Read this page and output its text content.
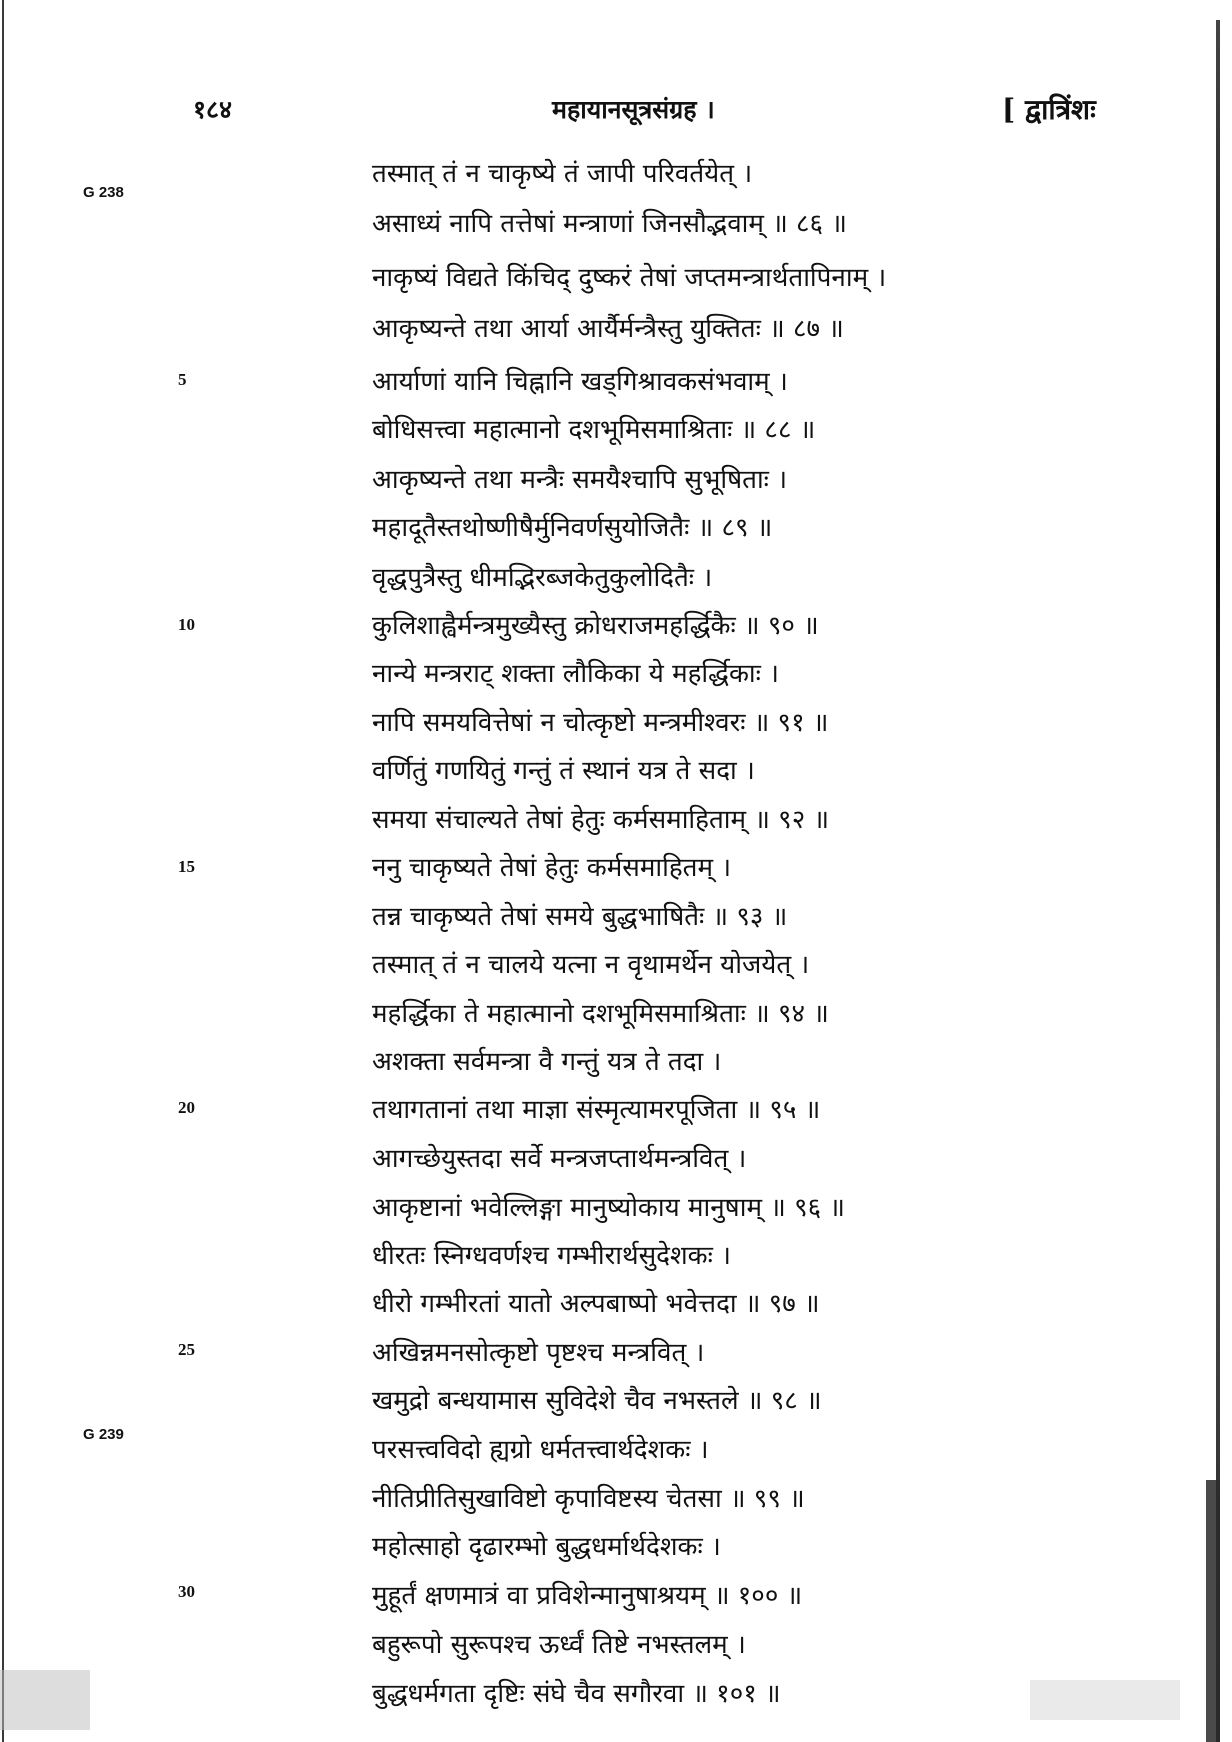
१८४	महायानसूत्रसंग्रह ।	[ द्वात्रिंशः
G 238
G 239
5
10
15
20
25
30
तस्मात् तं न चाकृष्ये तं जापी परिवर्तयेत् ।
असाध्यं नापि तत्तेषां मन्त्राणां जिनसौद्भवाम् ॥ ८६ ॥
नाकृष्यं विद्यते किंचिद् दुष्करं तेषां जप्तमन्त्रार्थतापिनाम् ।
आकृष्यन्ते तथा आर्या आर्यैर्मन्त्रैस्तु युक्तितः ॥ ८७ ॥
आर्याणां यानि चिह्नानि खड्गिश्रावकसंभवाम् ।
बोधिसत्त्वा महात्मानो दशभूमिसमाश्रिताः ॥ ८८ ॥
आकृष्यन्ते तथा मन्त्रैः समयैश्चापि सुभूषिताः ।
महादूतैस्तथोष्णीषैर्मुनिवर्णसुयोजितैः ॥ ८९ ॥
वृद्धपुत्रैस्तु धीमद्भिरब्जकेतुकुलोदितैः ।
कुलिशाह्वैर्मन्त्रमुख्यैस्तु क्रोधराजमहर्द्धिकैः ॥ ९० ॥
नान्ये मन्त्रराट् शक्ता लौकिका ये महर्द्धिकाः ।
नापि समयवित्तेषां न चोत्कृष्टो मन्त्रमीश्वरः ॥ ९१ ॥
वर्णितुं गणयितुं गन्तुं तं स्थानं यत्र ते सदा ।
समया संचाल्यते तेषां हेतुः कर्मसमाहिताम् ॥ ९२ ॥
ननु चाकृष्यते तेषां हेतुः कर्मसमाहितम् ।
तन्न चाकृष्यते तेषां समये बुद्धभाषितैः ॥ ९३ ॥
तस्मात् तं न चालये यत्ना न वृथामर्थेन योजयेत् ।
महर्द्धिका ते महात्मानो दशभूमिसमाश्रिताः ॥ ९४ ॥
अशक्ता सर्वमन्त्रा वै गन्तुं यत्र ते तदा ।
तथागतानां तथा माज्ञा संस्मृत्यामरपूजिता ॥ ९५ ॥
आगच्छेयुस्तदा सर्वे मन्त्रजप्तार्थमन्त्रवित् ।
आकृष्टानां भवेल्लिङ्गा मानुष्योकाय मानुषाम् ॥ ९६ ॥
धीरतः स्निग्धवर्णश्च गम्भीरार्थसुदेशकः ।
धीरो गम्भीरतां यातो अल्पबाष्पो भवेत्तदा ॥ ९७ ॥
अखिन्नमनसोत्कृष्टो पृष्टश्च मन्त्रवित् ।
खमुद्रो बन्धयामास सुविदेशे चैव नभस्तले ॥ ९८ ॥
परसत्त्वविदो ह्यग्रो धर्मतत्त्वार्थदेशकः ।
नीतिप्रीतिसुखाविष्टो कृपाविष्टस्य चेतसा ॥ ९९ ॥
महोत्साहो दृढारम्भो बुद्धधर्मार्थदेशकः ।
मुहूर्तं क्षणमात्रं वा प्रविशेन्मानुषाश्रयम् ॥ १०० ॥
बहुरूपो सुरूपश्च ऊर्ध्वं तिष्टे नभस्तलम् ।
बुद्धधर्मगता दृष्टिः संघे चैव सगौरवा ॥ १०१ ॥
